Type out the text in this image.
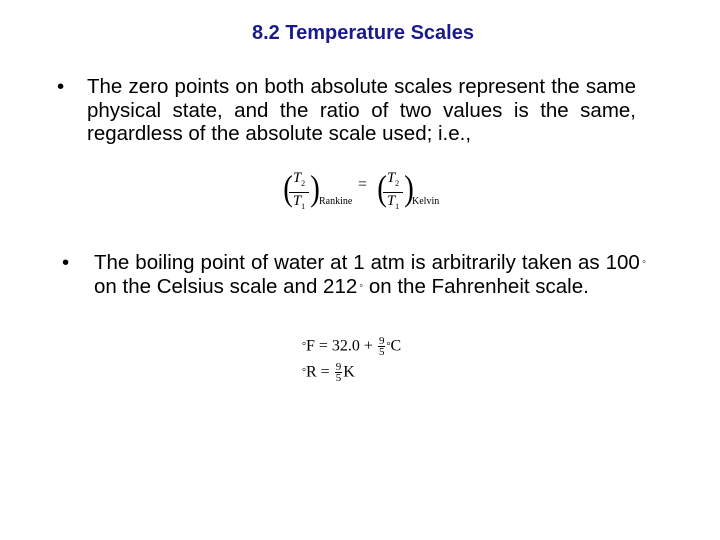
8.2 Temperature Scales
• The zero points on both absolute scales represent the same physical state, and the ratio of two values is the same, regardless of the absolute scale used; i.e.,
(
$\frac{T_2}{T_1}$ ) Rankine
= (
$\frac{T_2}{T_1}$ )
Kelvin
• The boiling point of water at 1 atm is arbitrarily taken as 100 ◦ on the Celsius scale and 212 ◦ on the Fahrenheit scale.
$^\circ F = 32.0 + \frac{9}{5} ^\circ C$
$^\circ R = \frac{9}{5}$ K
